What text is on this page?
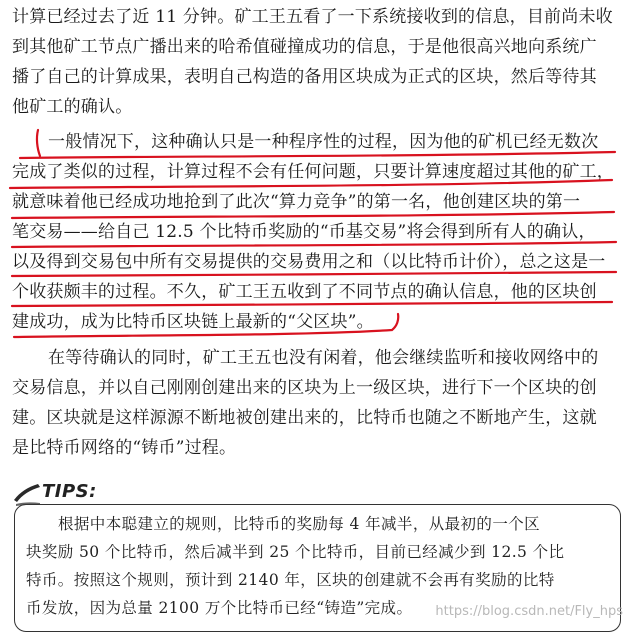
计算已经过去了近 11 分钟。矿工王五看了一下系统接收到的信息，目前尚未收
到其他矿工节点广播出来的哈希值碰撞成功的信息，于是他很高兴地向系统广
播了自己的计算成果，表明自己构造的备用区块成为正式的区块，然后等待其
他矿工的确认。
一般情况下，这种确认只是一种程序性的过程，因为他的矿机已经无数次
完成了类似的过程，计算过程不会有任何问题，只要计算速度超过其他的矿工，
就意味着他已经成功地抢到了此次“算力竞争”的第一名，他创建区块的第一
笔交易——给自己 12.5 个比特币奖励的“币基交易”将会得到所有人的确认，
以及得到交易包中所有交易提供的交易费用之和（以比特币计价），总之这是一
个收获颇丰的过程。不久，矿工王五收到了不同节点的确认信息，他的区块创
建成功，成为比特币区块链上最新的“父区块”。
在等待确认的同时，矿工王五也没有闲着，他会继续监听和接收网络中的
交易信息，并以自己刚刚创建出来的区块为上一级区块，进行下一个区块的创
建。区块就是这样源源不断地被创建出来的，比特币也随之不断地产生，这就
是比特币网络的“铸币”过程。
TIPS:
根据中本聪建立的规则，比特币的奖励每 4 年减半，从最初的一个区
块奖励 50 个比特币，然后减半到 25 个比特币，目前已经减少到 12.5 个比
特币。按照这个规则，预计到 2140 年，区块的创建就不会再有奖励的比特
币发放，因为总量 2100 万个比特币已经“铸造”完成。 https://blog.csdn.net/Fly_hps
